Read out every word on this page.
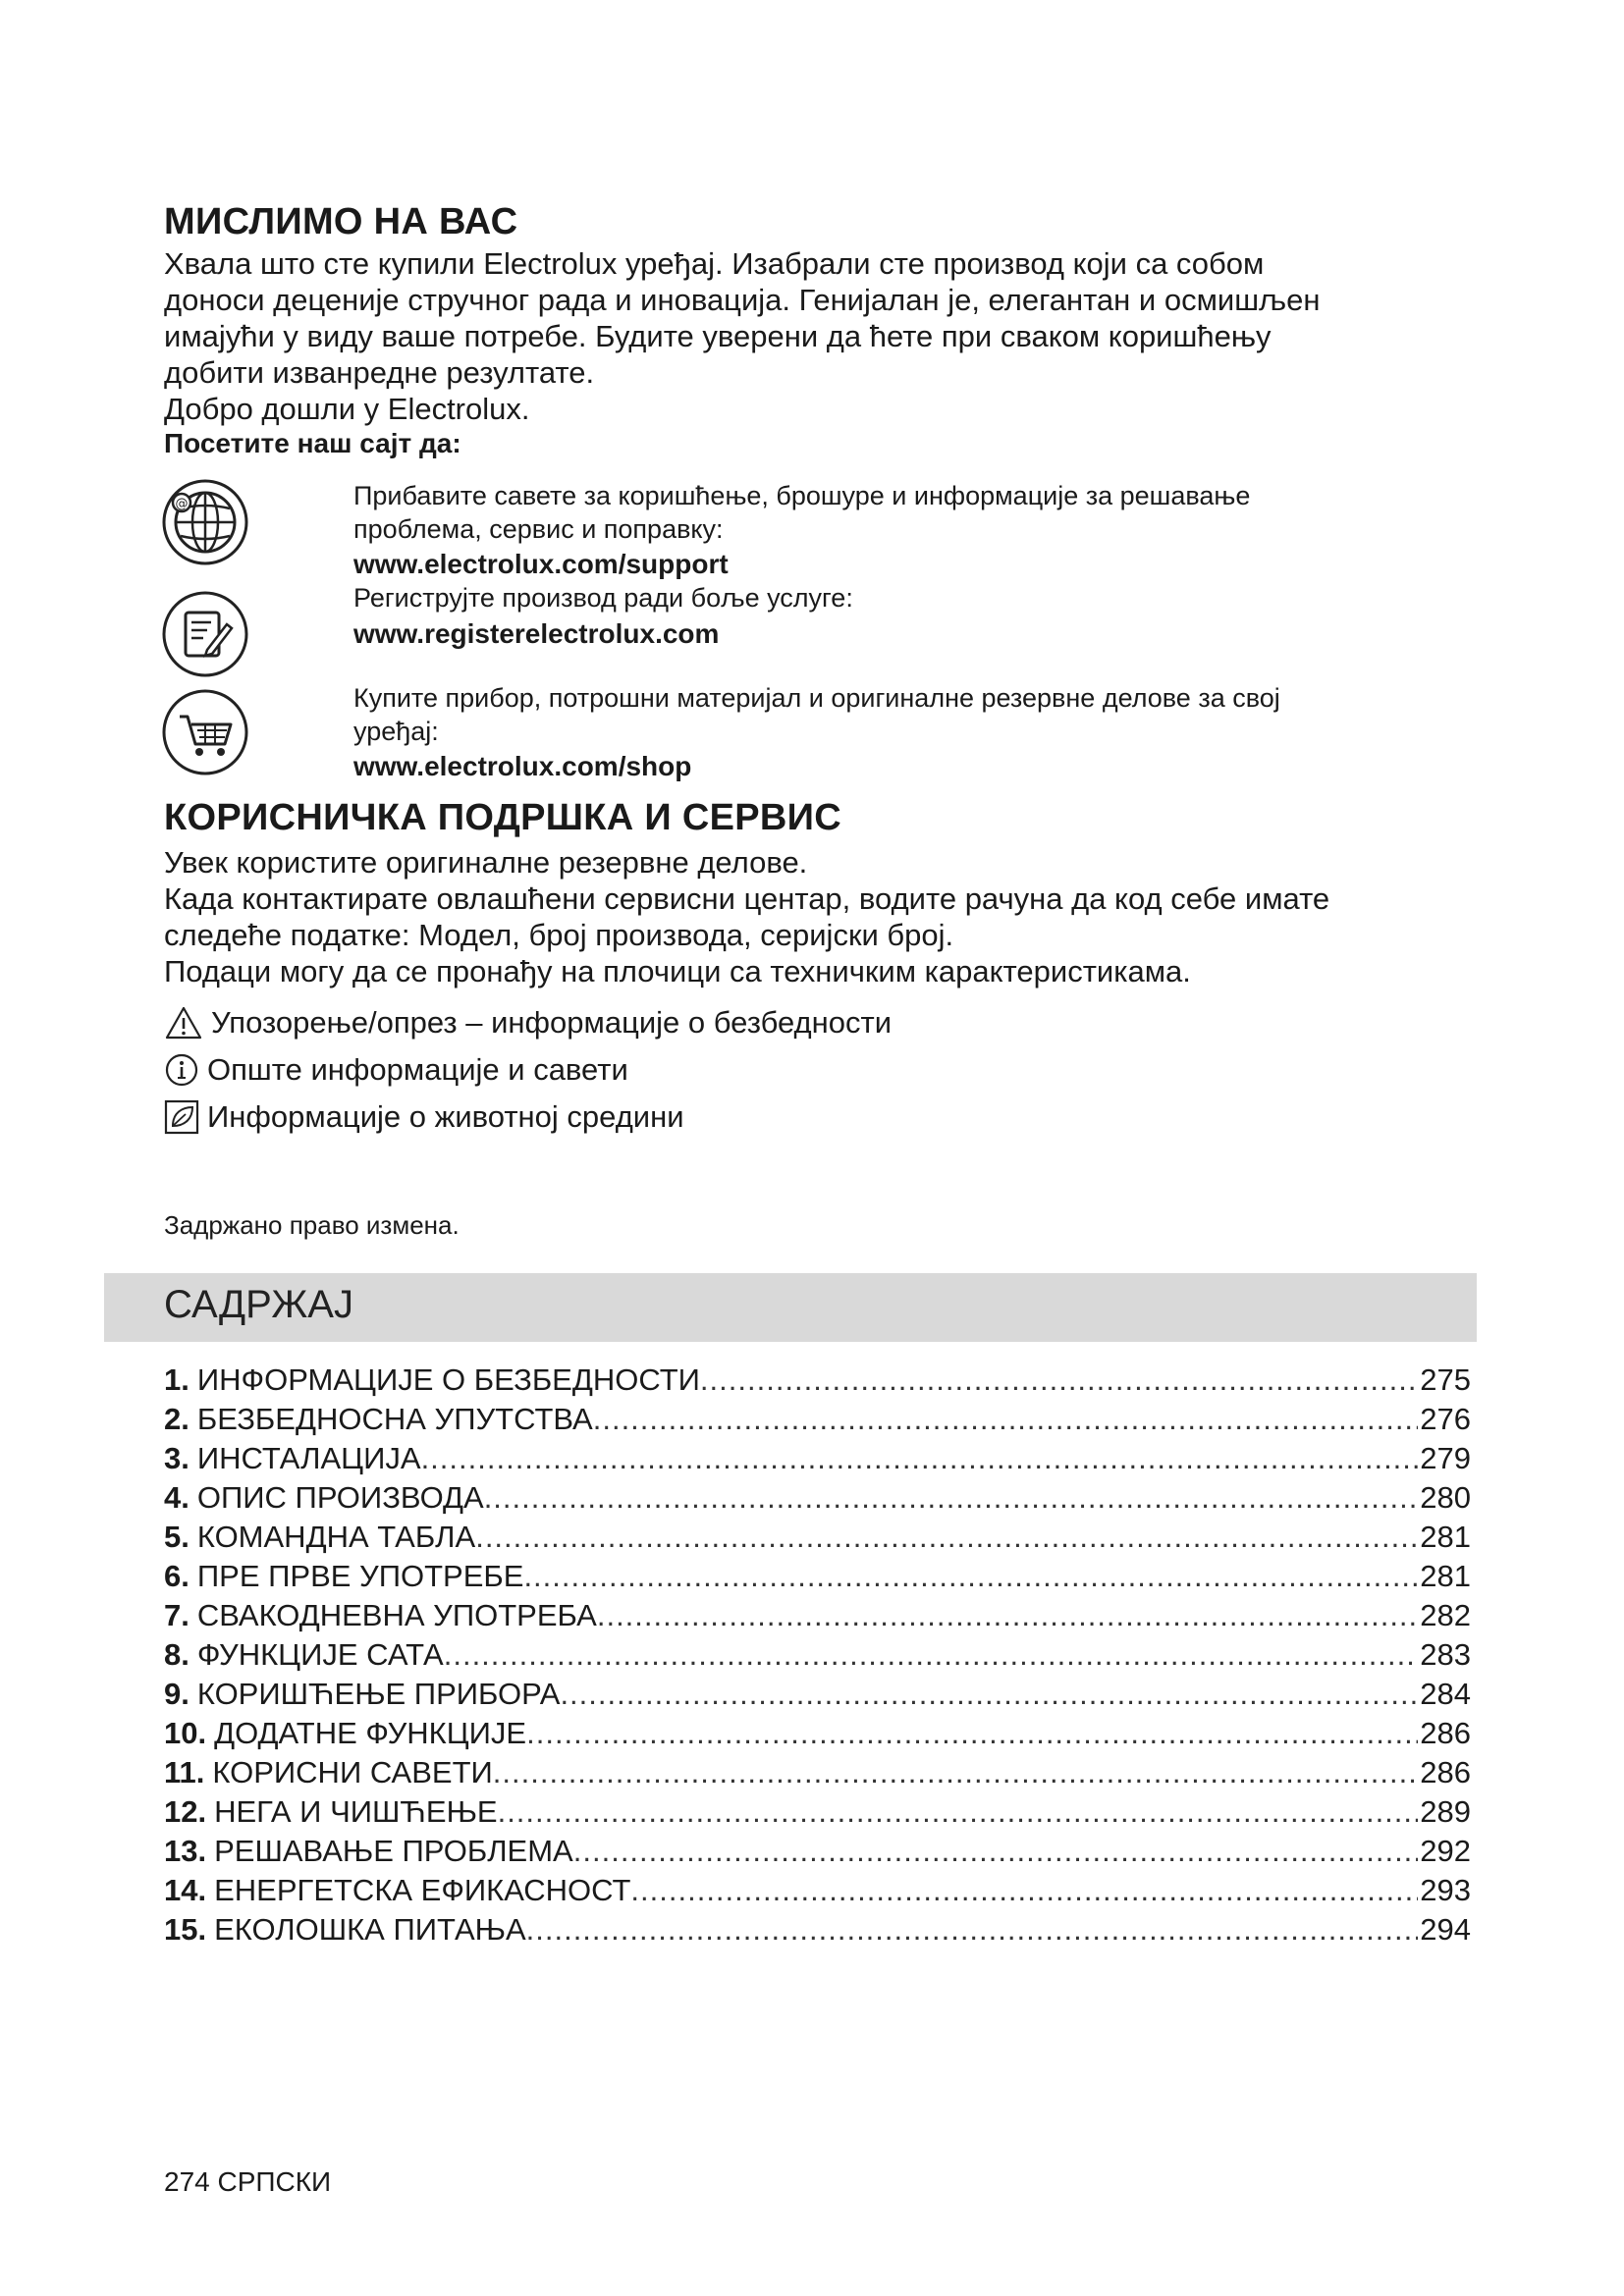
МИСЛИМО НА ВАС
Хвала што сте купили Electrolux уређај. Изабрали сте производ који са собом
доноси деценије стручног рада и иновација. Генијалан је, елегантан и осмишљен
имајући у виду ваше потребе. Будите уверени да ћете при сваком коришћењу
добити изванредне резултате.
Добро дошли у Electrolux.

Посетите наш сајт да:

@	Прибавите савете за коришћење, брошуре и информације за решавање
проблема, сервис и поправку:
www.electrolux.com/support
Региструјте производ ради боље услуге:
www.registerelectrolux.com
Купите прибор, потрошни материјал и оригиналне резервне делове за свој
уређај:
www.electrolux.com/shop
КОРИСНИЧКА ПОДРШКА И СЕРВИС
Увек користите оригиналне резервне делове.
Када контактирате овлашћени сервисни центар, водите рачуна да код себе имате
следеће податке: Модел, број производа, серијски број.
Подаци могу да се пронађу на плочици са техничким карактеристикама.
Упозорење/опрез – информације о безбедности
Опште информације и савети
Информације о животној средини

Задржано право измена.

САДРЖАЈ
1. ИНФОРМАЦИЈЕ О БЕЗБЕДНОСТИ .....	275
2. БЕЗБЕДНОСНА УПУТСТВА .....	276
3. ИНСТАЛАЦИЈА .....	279
4. ОПИС ПРОИЗВОДА .....	280
5. КОМАНДНА ТАБЛА .....	281
6. ПРЕ ПРВЕ УПОТРЕБЕ .....	281
7. СВАКОДНЕВНА УПОТРЕБА .....	282
8. ФУНКЦИЈЕ САТА .....	283
9. КОРИШЋЕЊЕ ПРИБОРА .....	284
10. ДОДАТНЕ ФУНКЦИЈЕ .....	286
11. КОРИСНИ САВЕТИ .....	286
12. НЕГА И ЧИШЋЕЊЕ .....	289
13. РЕШАВАЊЕ ПРОБЛЕМА .....	292
14. ЕНЕРГЕТСКА ЕФИКАСНОСТ .....	293
15. ЕКОЛОШКА ПИТАЊА .....	294

274 СРПСКИ
